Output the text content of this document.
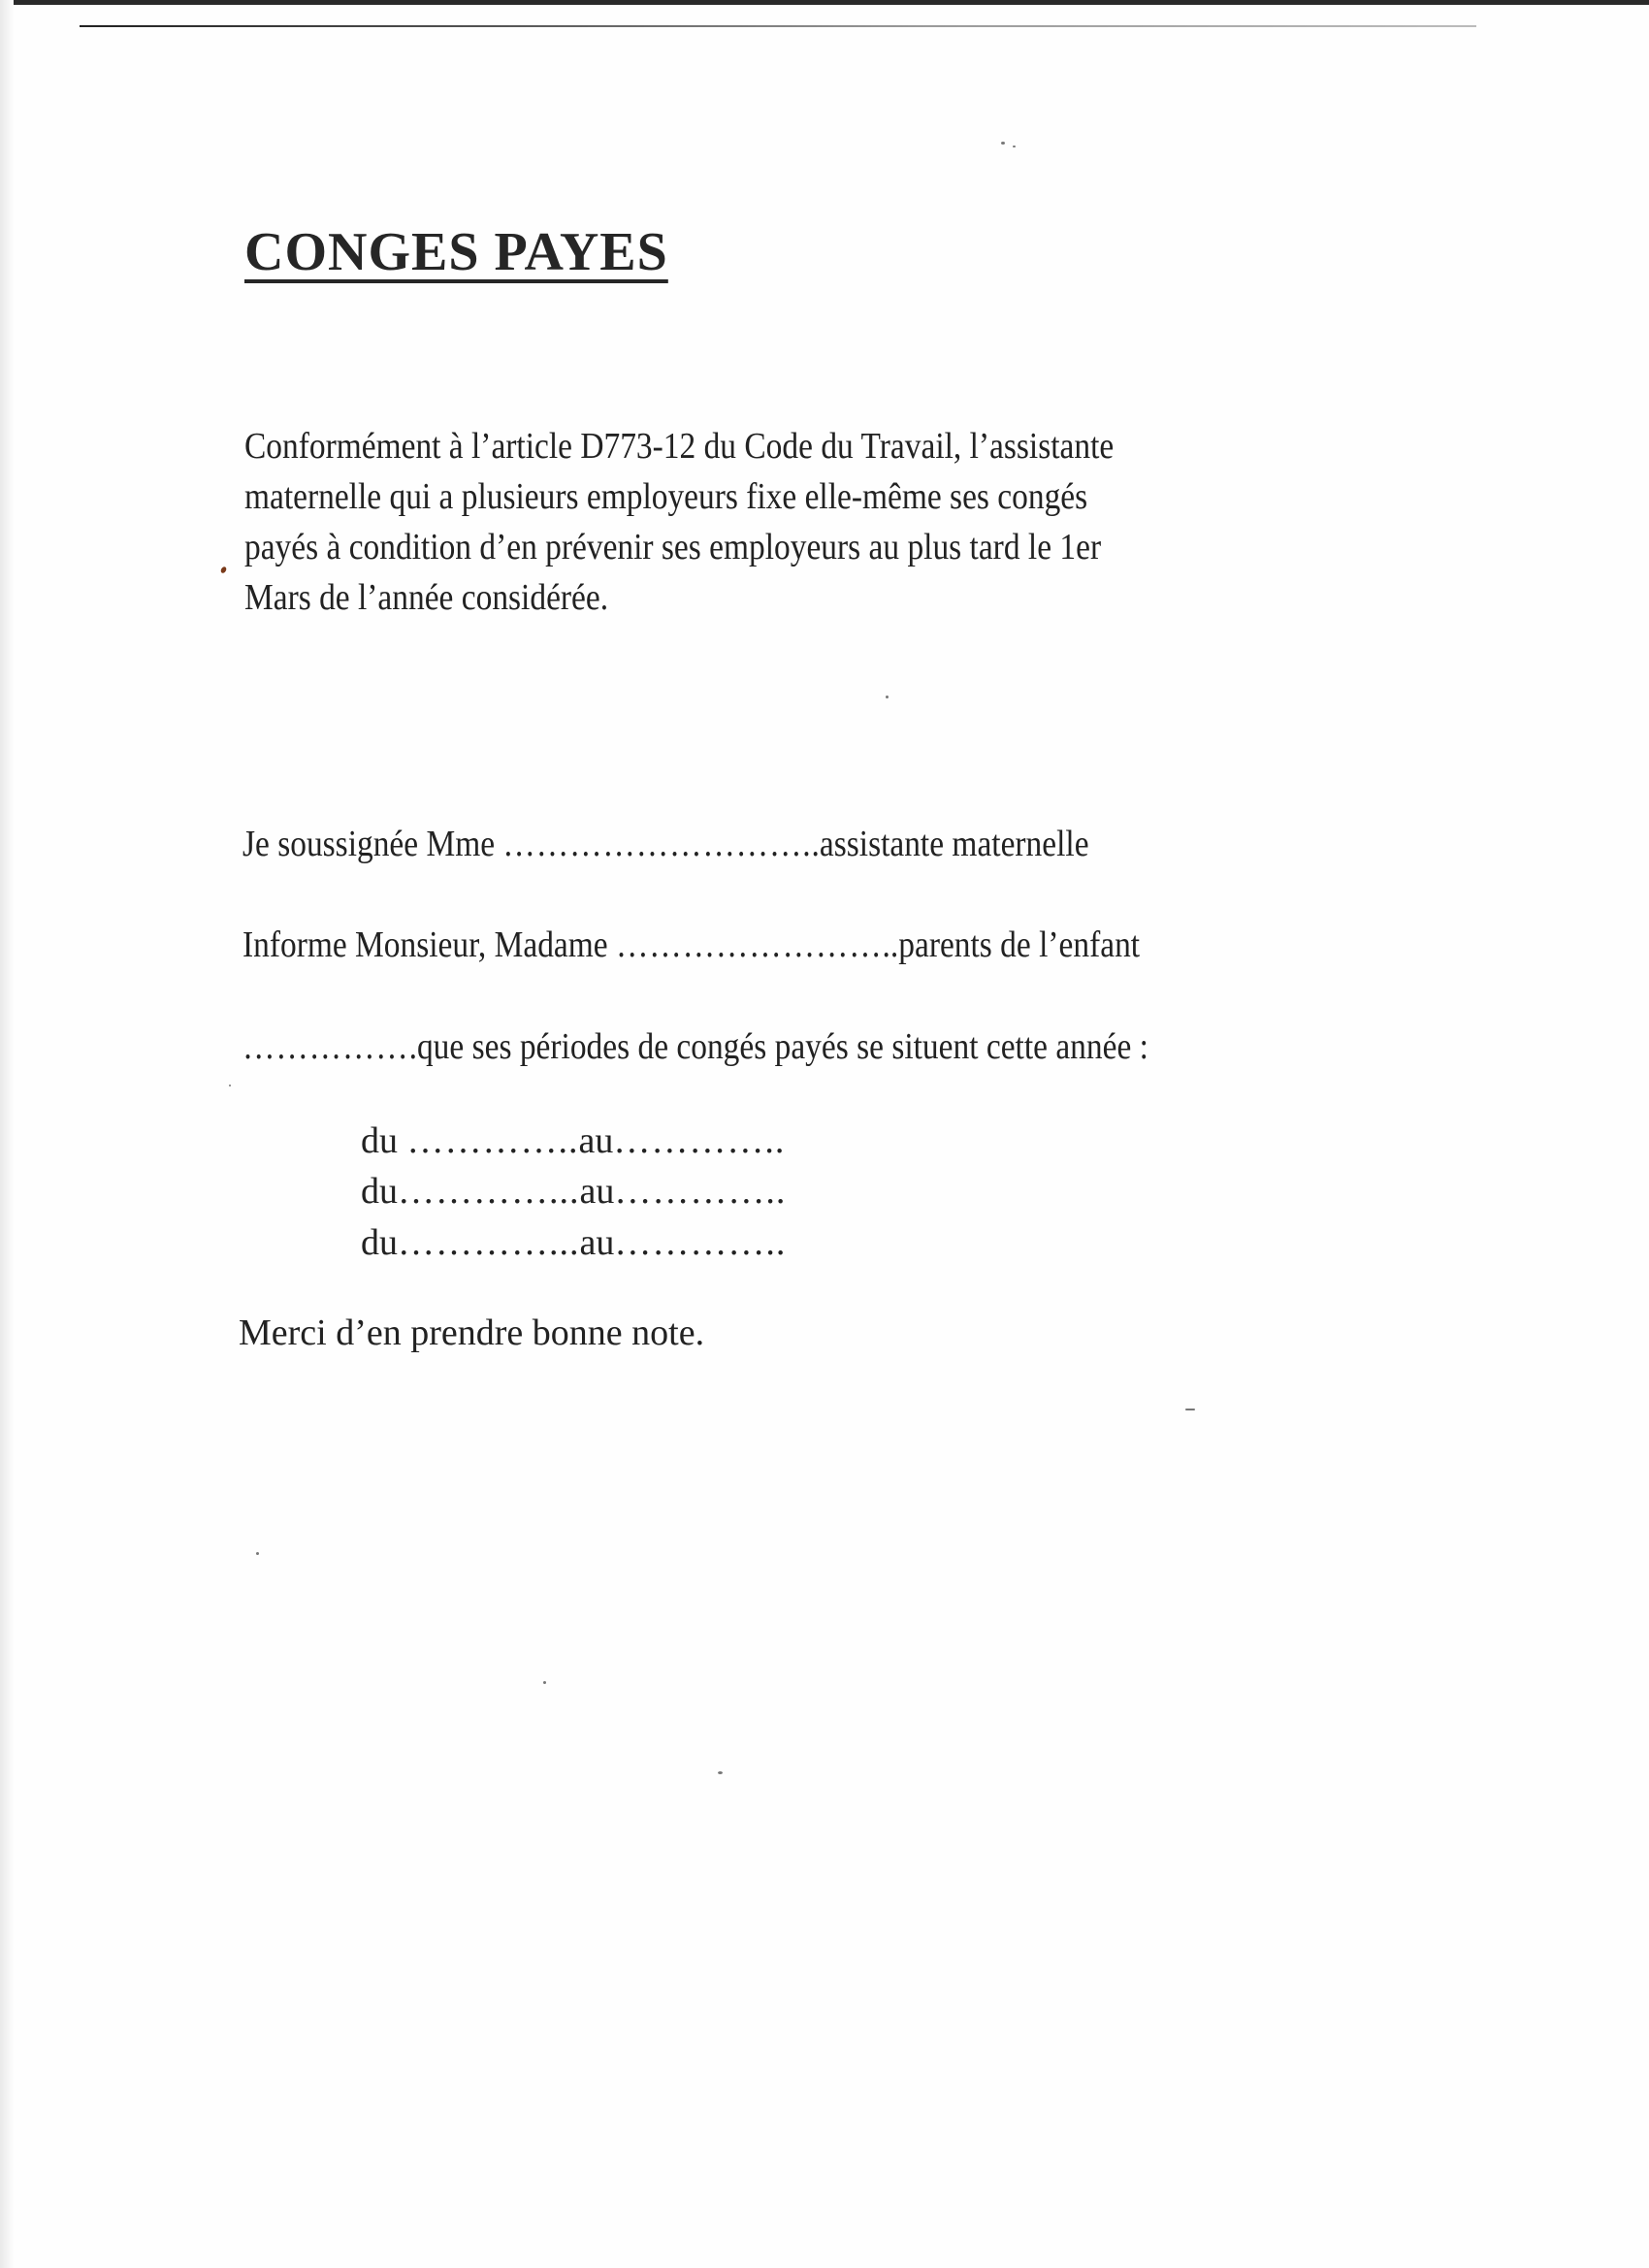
CONGES PAYES

Conformément à l’article D773-12 du Code du Travail, l’assistante
maternelle qui a plusieurs employeurs fixe elle-même ses congés
payés à condition d’en prévenir ses employeurs au plus tard le 1er
Mars de l’année considérée.

Je soussignée Mme ………………………..assistante maternelle
Informe Monsieur, Madame ……………………..parents de l’enfant
…………….que ses périodes de congés payés se situent cette année :
du …………..au…………..
du…………...au…………..
du…………...au…………..
Merci d’en prendre bonne note.
